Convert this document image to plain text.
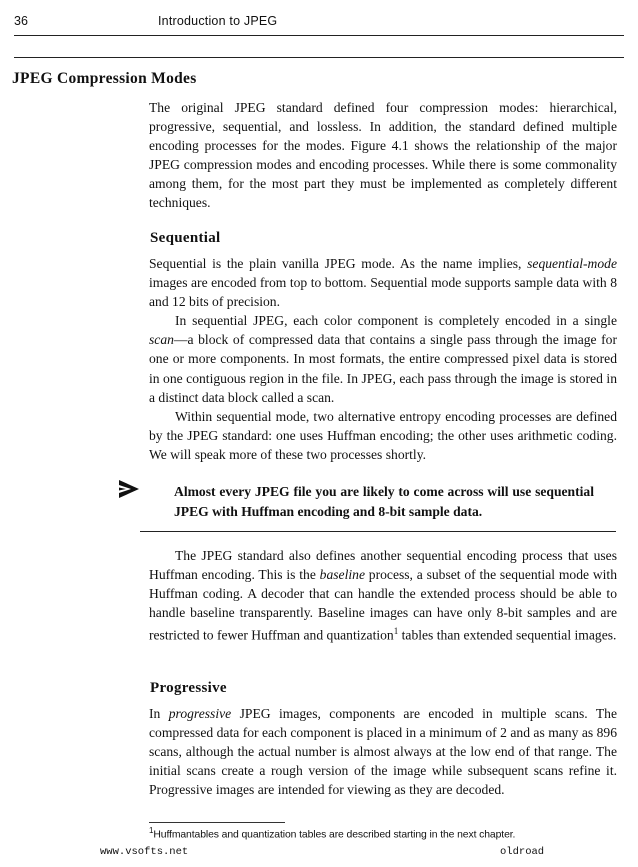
36	Introduction to JPEG
JPEG Compression Modes

The original JPEG standard defined four compression modes: hierarchical, progressive, sequential, and lossless. In addition, the standard defined multiple encoding processes for the modes. Figure 4.1 shows the relationship of the major JPEG compression modes and encoding processes. While there is some commonality among them, for the most part they must be implemented as completely different techniques.

Sequential

Sequential is the plain vanilla JPEG mode. As the name implies, sequential-mode images are encoded from top to bottom. Sequential mode supports sample data with 8 and 12 bits of precision.

In sequential JPEG, each color component is completely encoded in a single scan—a block of compressed data that contains a single pass through the image for one or more components. In most formats, the entire compressed pixel data is stored in one contiguous region in the file. In JPEG, each pass through the image is stored in a distinct data block called a scan.

Within sequential mode, two alternative entropy encoding processes are defined by the JPEG standard: one uses Huffman encoding; the other uses arithmetic coding. We will speak more of these two processes shortly.

Almost every JPEG file you are likely to come across will use sequential JPEG with Huffman encoding and 8-bit sample data.

The JPEG standard also defines another sequential encoding process that uses Huffman encoding. This is the baseline process, a subset of the sequential mode with Huffman coding. A decoder that can handle the extended process should be able to handle baseline transparently. Baseline images can have only 8-bit samples and are restricted to fewer Huffman and quantization$^1$ tables than extended sequential images.

Progressive

In progressive JPEG images, components are encoded in multiple scans. The compressed data for each component is placed in a minimum of 2 and as many as 896 scans, although the actual number is almost always at the low end of that range. The initial scans create a rough version of the image while subsequent scans refine it. Progressive images are intended for viewing as they are decoded.

$^1$Huffmantables and quantization tables are described starting in the next chapter.
www.vsofts.net	oldroad
